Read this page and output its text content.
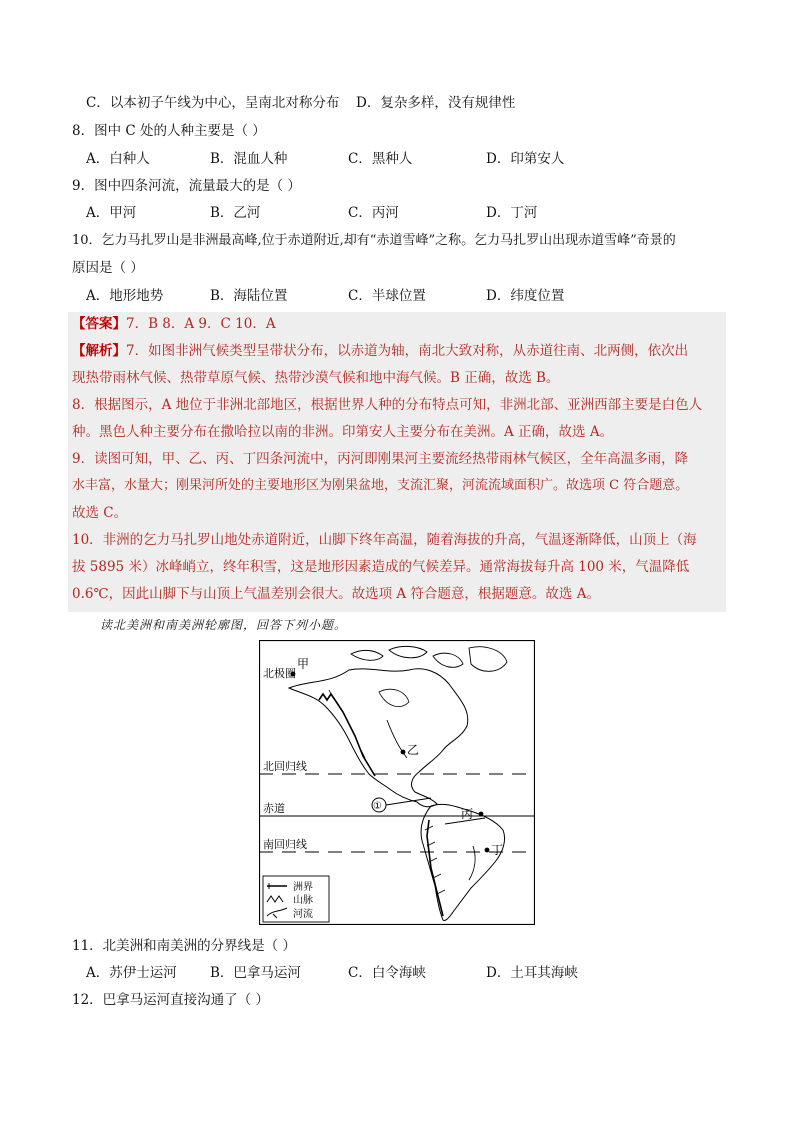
C．以本初子午线为中心，呈南北对称分布 D．复杂多样，没有规律性
8．图中 C 处的人种主要是（ ）
A．白种人	B．混血人种	C．黑种人	D．印第安人
9．图中四条河流，流量最大的是（ ）
A．甲河	B．乙河	C．丙河	D．丁河
10．乞力马扎罗山是非洲最高峰,位于赤道附近,却有“赤道雪峰”之称。乞力马扎罗山出现赤道雪峰”奇景的
原因是（ ）
A．地形地势	B．海陆位置	C．半球位置	D．纬度位置
【答案】7．B 8．A 9．C 10．A
【解析】7．如图非洲气候类型呈带状分布，以赤道为轴，南北大致对称，从赤道往南、北两侧，依次出
现热带雨林气候、热带草原气候、热带沙漠气候和地中海气候。B 正确，故选 B。
8．根据图示，A 地位于非洲北部地区，根据世界人种的分布特点可知，非洲北部、亚洲西部主要是白色人
种。黑色人种主要分布在撒哈拉以南的非洲。印第安人主要分布在美洲。A 正确，故选 A。
9．读图可知，甲、乙、丙、丁四条河流中，丙河即刚果河主要流经热带雨林气候区，全年高温多雨，降
水丰富，水量大；刚果河所处的主要地形区为刚果盆地，支流汇聚，河流流域面积广。故选项 C 符合题意。
故选 C。
10．非洲的乞力马扎罗山地处赤道附近，山脚下终年高温，随着海拔的升高，气温逐渐降低，山顶上（海
拔 5895 米）冰峰峭立，终年积雪，这是地形因素造成的气候差异。通常海拔每升高 100 米，气温降低
0.6℃，因此山脚下与山顶上气温差别会很大。故选项 A 符合题意，根据题意。故选 A。
读北美洲和南美洲轮廓图，回答下列小题。
北极圈
甲
乙
北回归线
赤道	①
丙
南回归线	丁
洲界
山脉
河流
11．北美洲和南美洲的分界线是（ ）
A．苏伊士运河 B．巴拿马运河	C．白令海峡	D．土耳其海峡
12．巴拿马运河直接沟通了（ ）
